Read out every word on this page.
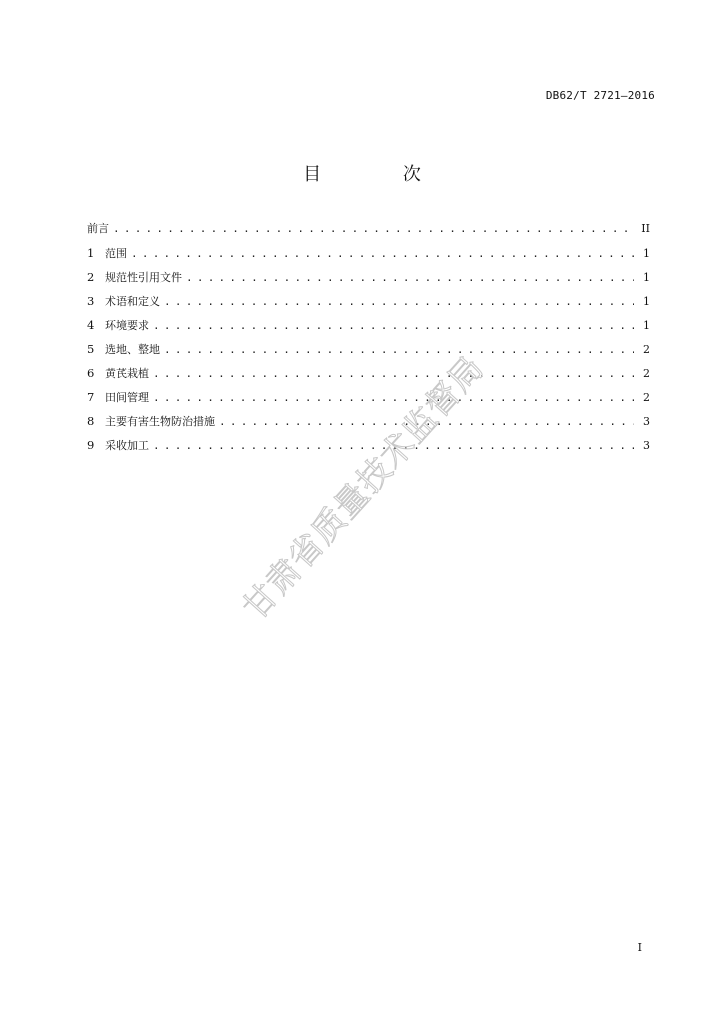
DB62/T 2721—2016
目 次
前言 . . .	II
1 范围 . . .	1
2 规范性引用文件 . . .	1
3 术语和定义 . . .	1
4 环境要求 . . .	1
5 选地、整地 . . .	2
6 黄芪栽植 . . .	2
7 田间管理 . . .	2
8 主要有害生物防治措施 . . .	3
9 采收加工 . . .	3
甘肃省质量技术监督局
I
